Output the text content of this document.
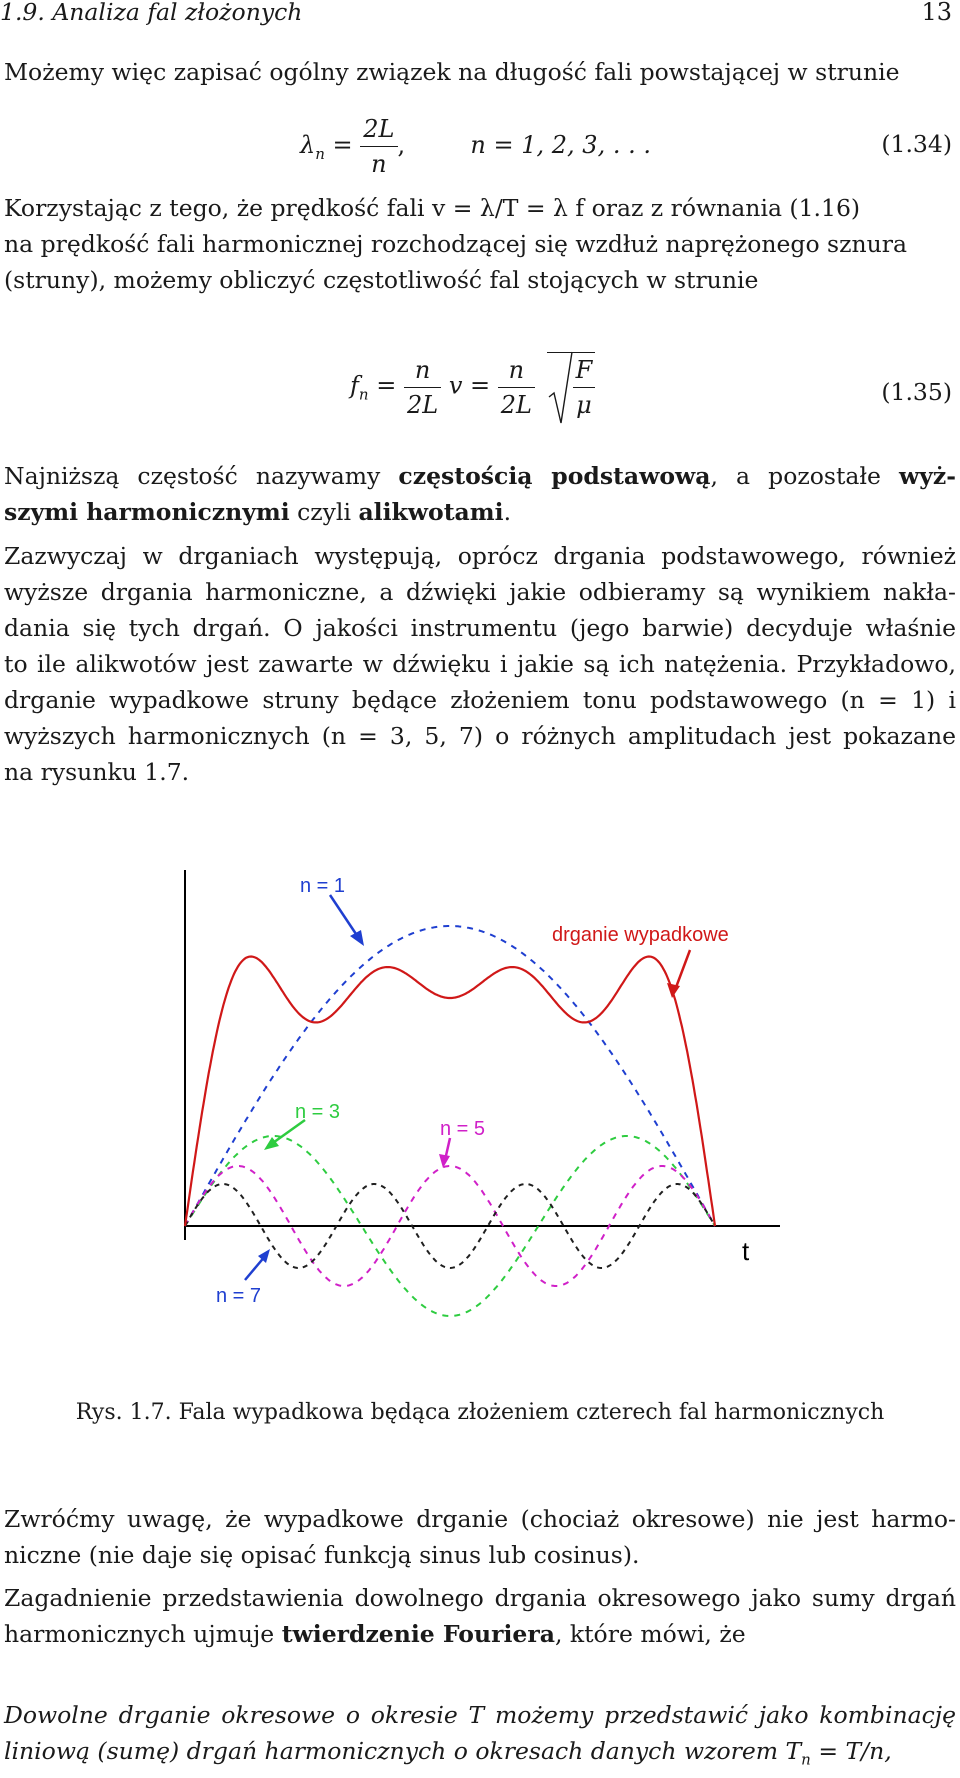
1.9. Analiza fal złożonych	13
Możemy więc zapisać ogólny związek na długość fali powstającej w strunie
$\lambda_n = \frac{2L}{n}$ ,	n = 1, 2, 3, . . .	(1.34)
Korzystając z tego, że prędkość fali v = λ/T = λ f oraz z równania (1.16)
na prędkość fali harmonicznej rozchodzącej się wzdłuż naprężonego sznura
(struny), możemy obliczyć częstotliwość fal stojących w strunie
$f_n = \frac{n}{2L}$ $v = \frac{n}{2L}$
$\frac{F}{\mu}$	(1.35)
Najniższą częstość nazywamy częstością podstawową, a pozostałe wyż-
szymi harmonicznymi czyli alikwotami.
Zazwyczaj w drganiach występują, oprócz drgania podstawowego, również
wyższe drgania harmoniczne, a dźwięki jakie odbieramy są wynikiem nakła-
dania się tych drgań. O jakości instrumentu (jego barwie) decyduje właśnie
to ile alikwotów jest zawarte w dźwięku i jakie są ich natężenia. Przykładowo,
drganie wypadkowe struny będące złożeniem tonu podstawowego (n = 1) i
wyższych harmonicznych (n = 3, 5, 7) o różnych amplitudach jest pokazane
na rysunku 1.7.
n = 1
drganie wypadkowe
n = 3
n = 5
n = 7
t
Rys. 1.7. Fala wypadkowa będąca złożeniem czterech fal harmonicznych
Zwróćmy uwagę, że wypadkowe drganie (chociaż okresowe) nie jest harmo-
niczne (nie daje się opisać funkcją sinus lub cosinus).
Zagadnienie przedstawienia dowolnego drgania okresowego jako sumy drgań
harmonicznych ujmuje twierdzenie Fouriera, które mówi, że
Dowolne drganie okresowe o okresie T możemy przedstawić jako kombinację
liniową (sumę) drgań harmonicznych o okresach danych wzorem $T_n = T/n$,
